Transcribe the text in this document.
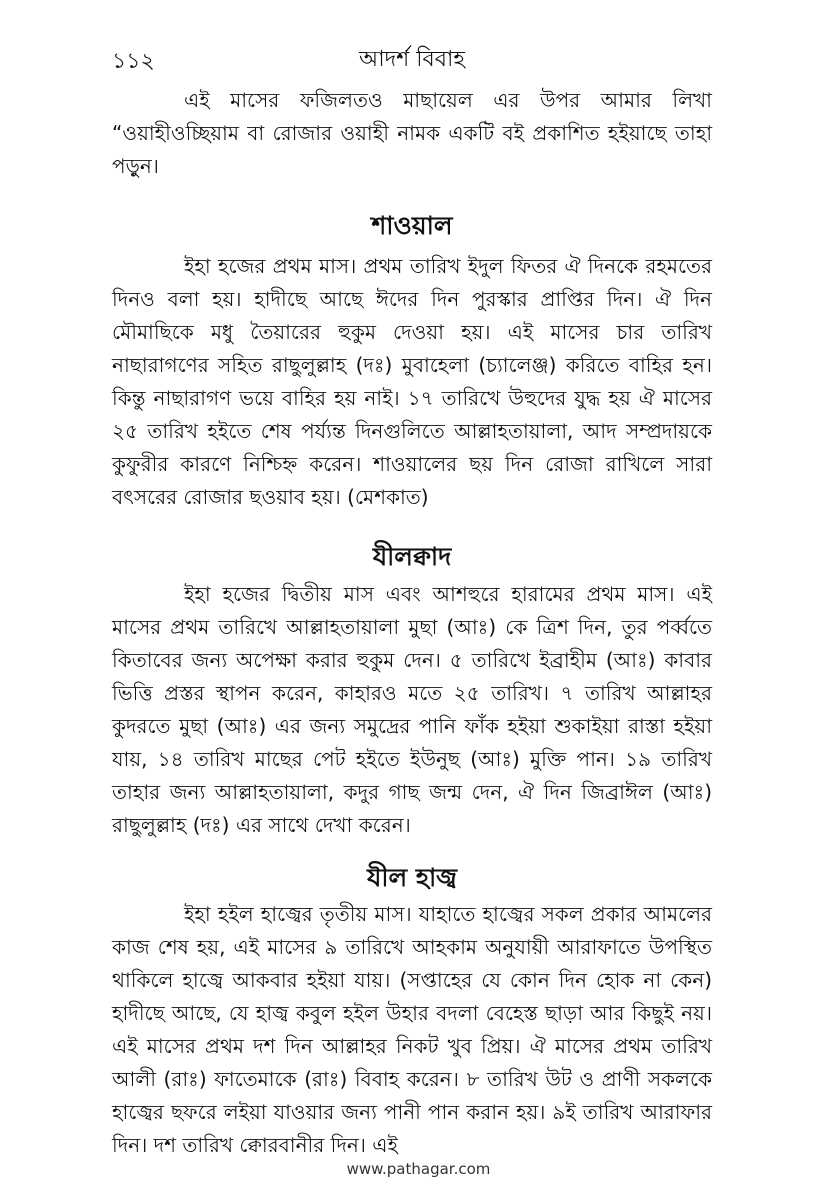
১১২	আদর্শ বিবাহ

এই মাসের ফজিলতও মাছায়েল এর উপর আমার লিখা “ওয়াহীওচ্ছিয়াম বা রোজার ওয়াহী নামক একটি বই প্রকাশিত হইয়াছে তাহা পড়ুন।

শাওয়াল

ইহা হজের প্রথম মাস। প্রথম তারিখ ইদুল ফিতর ঐ দিনকে রহমতের দিনও বলা হয়। হাদীছে আছে ঈদের দিন পুরস্কার প্রাপ্তির দিন। ঐ দিন মৌমাছিকে মধু তৈয়ারের হুকুম দেওয়া হয়। এই মাসের চার তারিখ নাছারাগণের সহিত রাছুলুল্লাহ (দঃ) মুবাহেলা (চ্যালেঞ্জ) করিতে বাহির হন। কিন্তু নাছারাগণ ভয়ে বাহির হয় নাই। ১৭ তারিখে উহুদের যুদ্ধ হয় ঐ মাসের ২৫ তারিখ হইতে শেষ পর্য্যন্ত দিনগুলিতে আল্লাহতায়ালা, আদ সম্প্রদায়কে কুফুরীর কারণে নিশ্চিহ্ন করেন। শাওয়ালের ছয় দিন রোজা রাখিলে সারা বৎসরের রোজার ছওয়াব হয়। (মেশকাত)

যীলক্বাদ

ইহা হজের দ্বিতীয় মাস এবং আশহুরে হারামের প্রথম মাস। এই মাসের প্রথম তারিখে আল্লাহতায়ালা মুছা (আঃ) কে ত্রিশ দিন, তুর পর্ব্বতে কিতাবের জন্য অপেক্ষা করার হুকুম দেন। ৫ তারিখে ইব্রাহীম (আঃ) কাবার ভিত্তি প্রস্তর স্থাপন করেন, কাহারও মতে ২৫ তারিখ। ৭ তারিখ আল্লাহর কুদরতে মুছা (আঃ) এর জন্য সমুদ্রের পানি ফাঁক হইয়া শুকাইয়া রাস্তা হইয়া যায়, ১৪ তারিখ মাছের পেট হইতে ইউনুছ (আঃ) মুক্তি পান। ১৯ তারিখ তাহার জন্য আল্লাহতায়ালা, কদুর গাছ জন্ম দেন, ঐ দিন জিব্রাঈল (আঃ) রাছুলুল্লাহ (দঃ) এর সাথে দেখা করেন।

যীল হাজ্ব

ইহা হইল হাজ্বের তৃতীয় মাস। যাহাতে হাজ্বের সকল প্রকার আমলের কাজ শেষ হয়, এই মাসের ৯ তারিখে আহকাম অনুযায়ী আরাফাতে উপস্থিত থাকিলে হাজ্বে আকবার হইয়া যায়। (সপ্তাহের যে কোন দিন হোক না কেন) হাদীছে আছে, যে হাজ্ব কবুল হইল উহার বদলা বেহেস্ত ছাড়া আর কিছুই নয়। এই মাসের প্রথম দশ দিন আল্লাহর নিকট খুব প্রিয়। ঐ মাসের প্রথম তারিখ আলী (রাঃ) ফাতেমাকে (রাঃ) বিবাহ করেন। ৮ তারিখ উট ও প্রাণী সকলকে হাজ্বের ছফরে লইয়া যাওয়ার জন্য পানী পান করান হয়। ৯ই তারিখ আরাফার দিন। দশ তারিখ ক্বোরবানীর দিন। এই

www.pathagar.com
